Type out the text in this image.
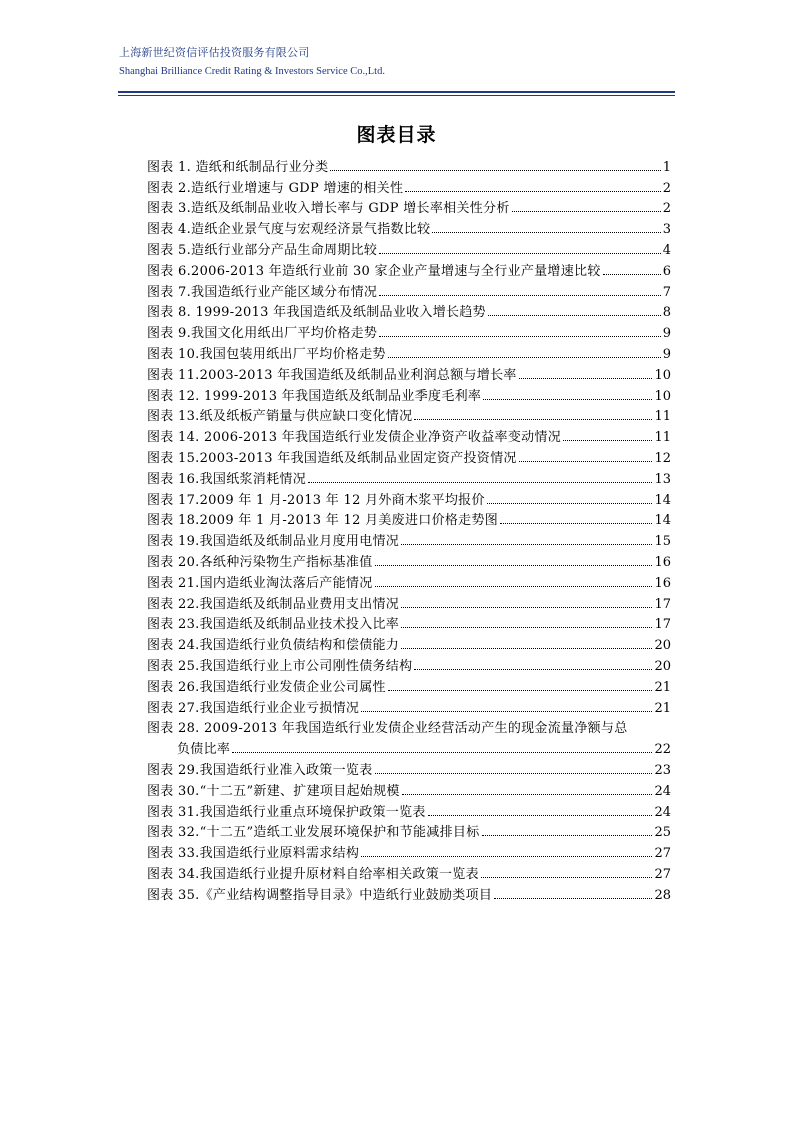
上海新世纪资信评估投资服务有限公司
Shanghai Brilliance Credit Rating & Investors Service Co.,Ltd.
图表目录
图表 1. 造纸和纸制品行业分类	1
图表 2.造纸行业增速与 GDP 增速的相关性	2
图表 3.造纸及纸制品业收入增长率与 GDP 增长率相关性分析	2
图表 4.造纸企业景气度与宏观经济景气指数比较	3
图表 5.造纸行业部分产品生命周期比较	4
图表 6.2006-2013 年造纸行业前 30 家企业产量增速与全行业产量增速比较	6
图表 7.我国造纸行业产能区域分布情况	7
图表 8. 1999-2013 年我国造纸及纸制品业收入增长趋势	8
图表 9.我国文化用纸出厂平均价格走势	9
图表 10.我国包装用纸出厂平均价格走势	9
图表 11.2003-2013 年我国造纸及纸制品业利润总额与增长率	10
图表 12. 1999-2013 年我国造纸及纸制品业季度毛利率	10
图表 13.纸及纸板产销量与供应缺口变化情况	11
图表 14. 2006-2013 年我国造纸行业发债企业净资产收益率变动情况	11
图表 15.2003-2013 年我国造纸及纸制品业固定资产投资情况	12
图表 16.我国纸浆消耗情况	13
图表 17.2009 年 1 月-2013 年 12 月外商木浆平均报价	14
图表 18.2009 年 1 月-2013 年 12 月美废进口价格走势图	14
图表 19.我国造纸及纸制品业月度用电情况	15
图表 20.各纸种污染物生产指标基准值	16
图表 21.国内造纸业淘汰落后产能情况	16
图表 22.我国造纸及纸制品业费用支出情况	17
图表 23.我国造纸及纸制品业技术投入比率	17
图表 24.我国造纸行业负债结构和偿债能力	20
图表 25.我国造纸行业上市公司刚性债务结构	20
图表 26.我国造纸行业发债企业公司属性	21
图表 27.我国造纸行业企业亏损情况	21
图表 28. 2009-2013 年我国造纸行业发债企业经营活动产生的现金流量净额与总
负债比率	22
图表 29.我国造纸行业准入政策一览表	23
图表 30.“十二五”新建、扩建项目起始规模	24
图表 31.我国造纸行业重点环境保护政策一览表	24
图表 32.“十二五”造纸工业发展环境保护和节能减排目标	25
图表 33.我国造纸行业原料需求结构	27
图表 34.我国造纸行业提升原材料自给率相关政策一览表	27
图表 35.《产业结构调整指导目录》中造纸行业鼓励类项目	28
